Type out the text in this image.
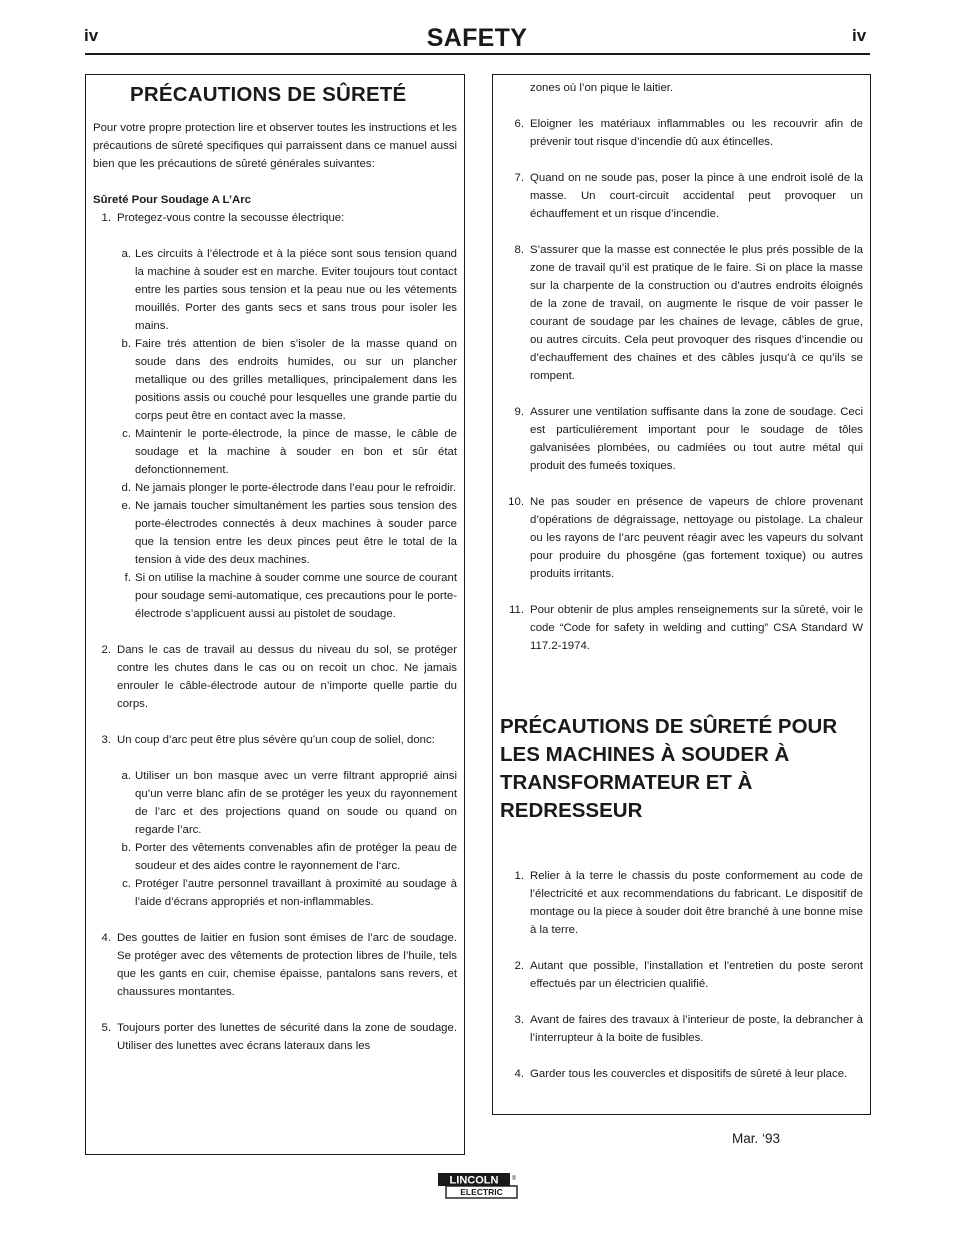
iv	SAFETY	iv
PRÉCAUTIONS DE SÛRETÉ
Pour votre propre protection lire et observer toutes les instructions et les précautions de sûreté specifiques qui parraissent dans ce manuel aussi bien que les précautions de sûreté générales suivantes:
Sûreté Pour Soudage A L’Arc
1. Protegez-vous contre la secousse électrique:
a. Les circuits à l’électrode et à la piéce sont sous tension quand la machine à souder est en marche. Eviter toujours tout contact entre les parties sous tension et la peau nue ou les vétements mouillés. Porter des gants secs et sans trous pour isoler les mains.
b. Faire trés attention de bien s’isoler de la masse quand on soude dans des endroits humides, ou sur un plancher metallique ou des grilles metalliques, principalement dans les positions assis ou couché pour lesquelles une grande partie du corps peut être en contact avec la masse.
c. Maintenir le porte-électrode, la pince de masse, le câble de soudage et la machine à souder en bon et sûr état defonctionnement.
d. Ne jamais plonger le porte-électrode dans l’eau pour le refroidir.
e. Ne jamais toucher simultanément les parties sous tension des porte-électrodes connectés à deux machines à souder parce que la tension entre les deux pinces peut être le total de la tension à vide des deux machines.
f. Si on utilise la machine à souder comme une source de courant pour soudage semi-automatique, ces precautions pour le porte-électrode s’applicuent aussi au pistolet de soudage.
2. Dans le cas de travail au dessus du niveau du sol, se protéger contre les chutes dans le cas ou on recoit un choc. Ne jamais enrouler le câble-électrode autour de n’importe quelle partie du corps.
3. Un coup d’arc peut être plus sévère qu’un coup de soliel, donc:
a. Utiliser un bon masque avec un verre filtrant approprié ainsi qu’un verre blanc afin de se protéger les yeux du rayonnement de l’arc et des projections quand on soude ou quand on regarde l’arc.
b. Porter des vêtements convenables afin de protéger la peau de soudeur et des aides contre le rayonnement de l‘arc.
c. Protéger l’autre personnel travaillant à proximité au soudage à l’aide d’écrans appropriés et non-inflammables.
4. Des gouttes de laitier en fusion sont émises de l’arc de soudage. Se protéger avec des vêtements de protection libres de l’huile, tels que les gants en cuir, chemise épaisse, pantalons sans revers, et chaussures montantes.
5. Toujours porter des lunettes de sécurité dans la zone de soudage. Utiliser des lunettes avec écrans lateraux dans les
zones où l’on pique le laitier.
6. Eloigner les matériaux inflammables ou les recouvrir afin de prévenir tout risque d’incendie dû aux étincelles.
7. Quand on ne soude pas, poser la pince à une endroit isolé de la masse. Un court-circuit accidental peut provoquer un échauffement et un risque d’incendie.
8. S’assurer que la masse est connectée le plus prés possible de la zone de travail qu’il est pratique de le faire. Si on place la masse sur la charpente de la construction ou d’autres endroits éloignés de la zone de travail, on augmente le risque de voir passer le courant de soudage par les chaines de levage, câbles de grue, ou autres circuits. Cela peut provoquer des risques d’incendie ou d’echauffement des chaines et des câbles jusqu’à ce qu’ils se rompent.
9. Assurer une ventilation suffisante dans la zone de soudage. Ceci est particuliérement important pour le soudage de tôles galvanisées plombées, ou cadmiées ou tout autre métal qui produit des fumeés toxiques.
10. Ne pas souder en présence de vapeurs de chlore provenant d’opérations de dégraissage, nettoyage ou pistolage. La chaleur ou les rayons de l’arc peuvent réagir avec les vapeurs du solvant pour produire du phosgéne (gas fortement toxique) ou autres produits irritants.
11. Pour obtenir de plus amples renseignements sur la sûreté, voir le code “Code for safety in welding and cutting” CSA Standard W 117.2-1974.
PRÉCAUTIONS DE SÛRETÉ POUR LES MACHINES À SOUDER À TRANSFORMATEUR ET À REDRESSEUR
1. Relier à la terre le chassis du poste conformement au code de l’électricité et aux recommendations du fabricant. Le dispositif de montage ou la piece à souder doit être branché à une bonne mise à la terre.
2. Autant que possible, l’installation et l’entretien du poste seront effectués par un électricien qualifié.
3. Avant de faires des travaux à l’interieur de poste, la debrancher à l’interrupteur à la boite de fusibles.
4. Garder tous les couvercles et dispositifs de sûreté à leur place.
Mar. ‘93
LINCOLN ®
ELECTRIC
